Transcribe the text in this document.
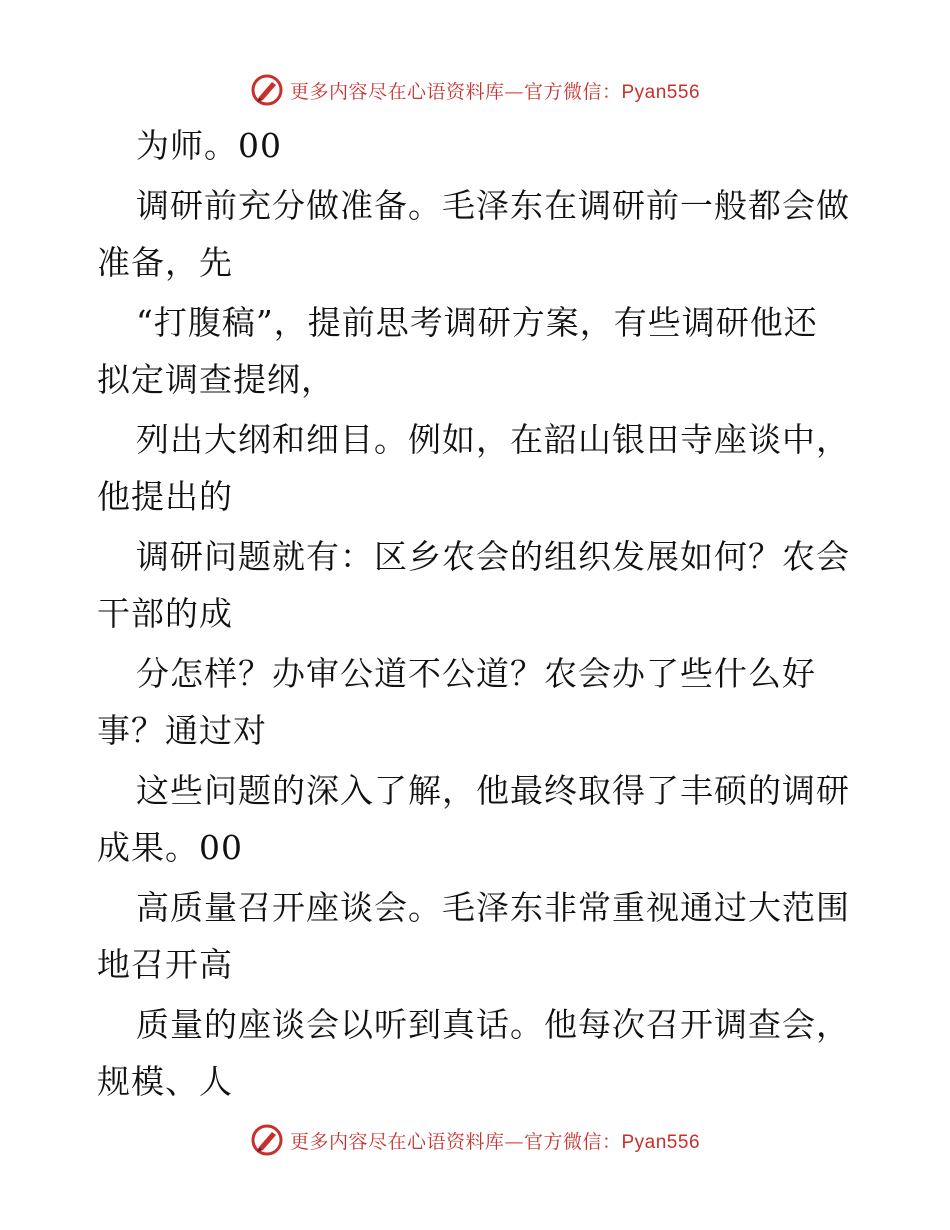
更多内容尽在心语资料库—官方微信：Pyan556
为师。00
调研前充分做准备。毛泽东在调研前一般都会做
准备，先
“打腹稿”，提前思考调研方案，有些调研他还
拟定调查提纲，
列出大纲和细目。例如，在韶山银田寺座谈中，
他提出的
调研问题就有：区乡农会的组织发展如何？农会
干部的成
分怎样？办审公道不公道？农会办了些什么好
事？通过对
这些问题的深入了解，他最终取得了丰硕的调研
成果。00
高质量召开座谈会。毛泽东非常重视通过大范围
地召开高
质量的座谈会以听到真话。他每次召开调查会，
规模、人
更多内容尽在心语资料库—官方微信：Pyan556
